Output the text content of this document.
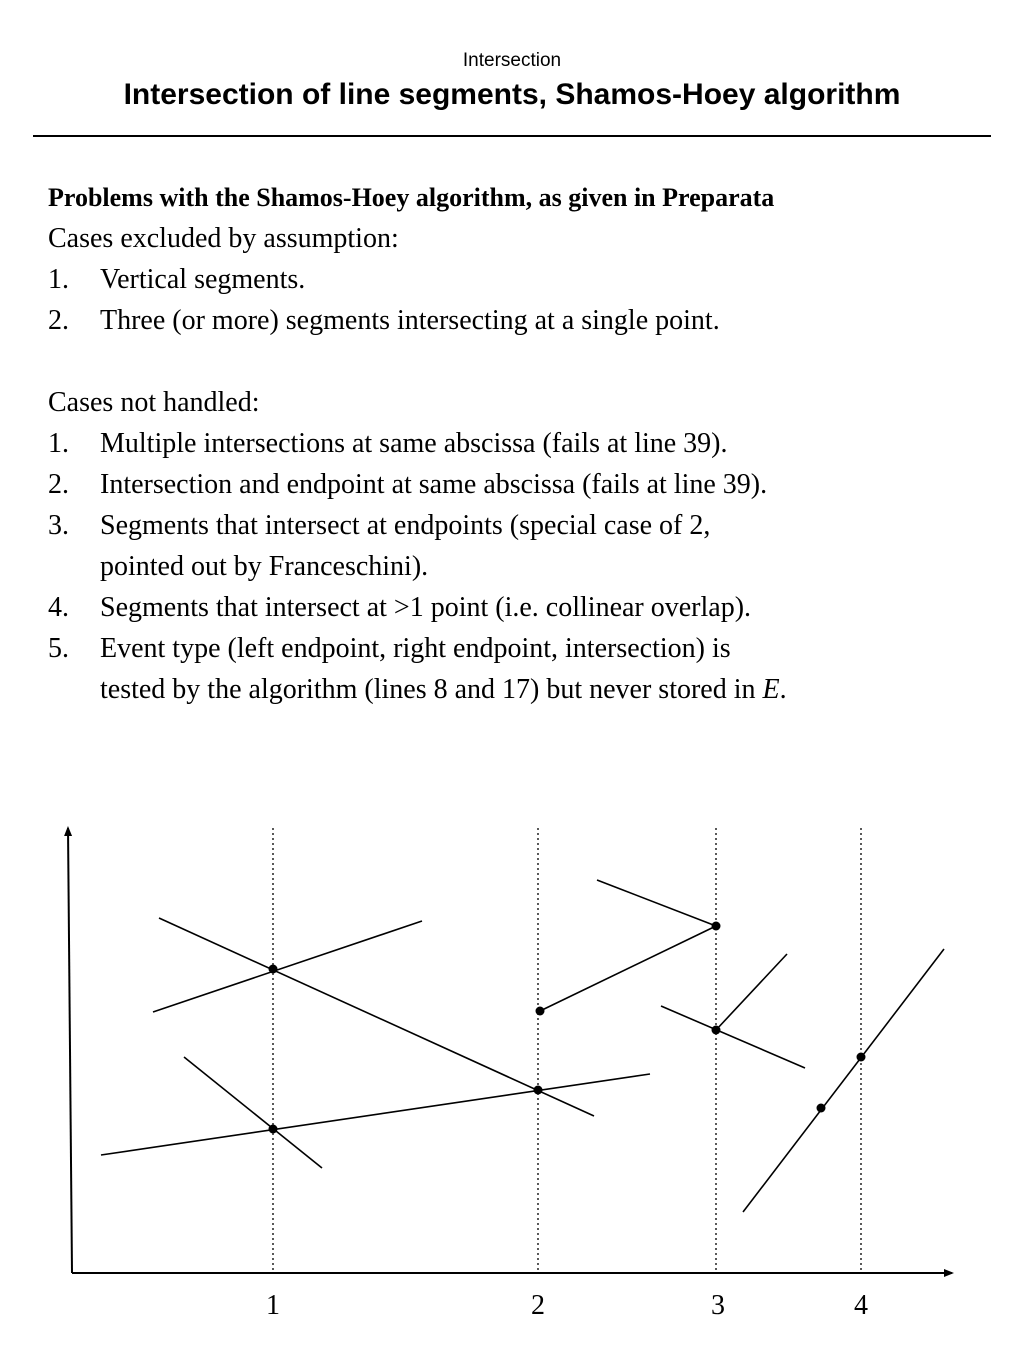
Intersection
Intersection of line segments, Shamos-Hoey algorithm
Problems with the Shamos-Hoey algorithm, as given in Preparata
Cases excluded by assumption:
1.	Vertical segments.
2.	Three (or more) segments intersecting at a single point.
Cases not handled:
1.	Multiple intersections at same abscissa (fails at line 39).
2.	Intersection and endpoint at same abscissa (fails at line 39).
3.	Segments that intersect at endpoints (special case of 2,
pointed out by Franceschini).
4.	Segments that intersect at >1 point (i.e. collinear overlap).
5.	Event type (left endpoint, right endpoint, intersection) is
tested by the algorithm (lines 8 and 17) but never stored in E.
1	2	3	4
